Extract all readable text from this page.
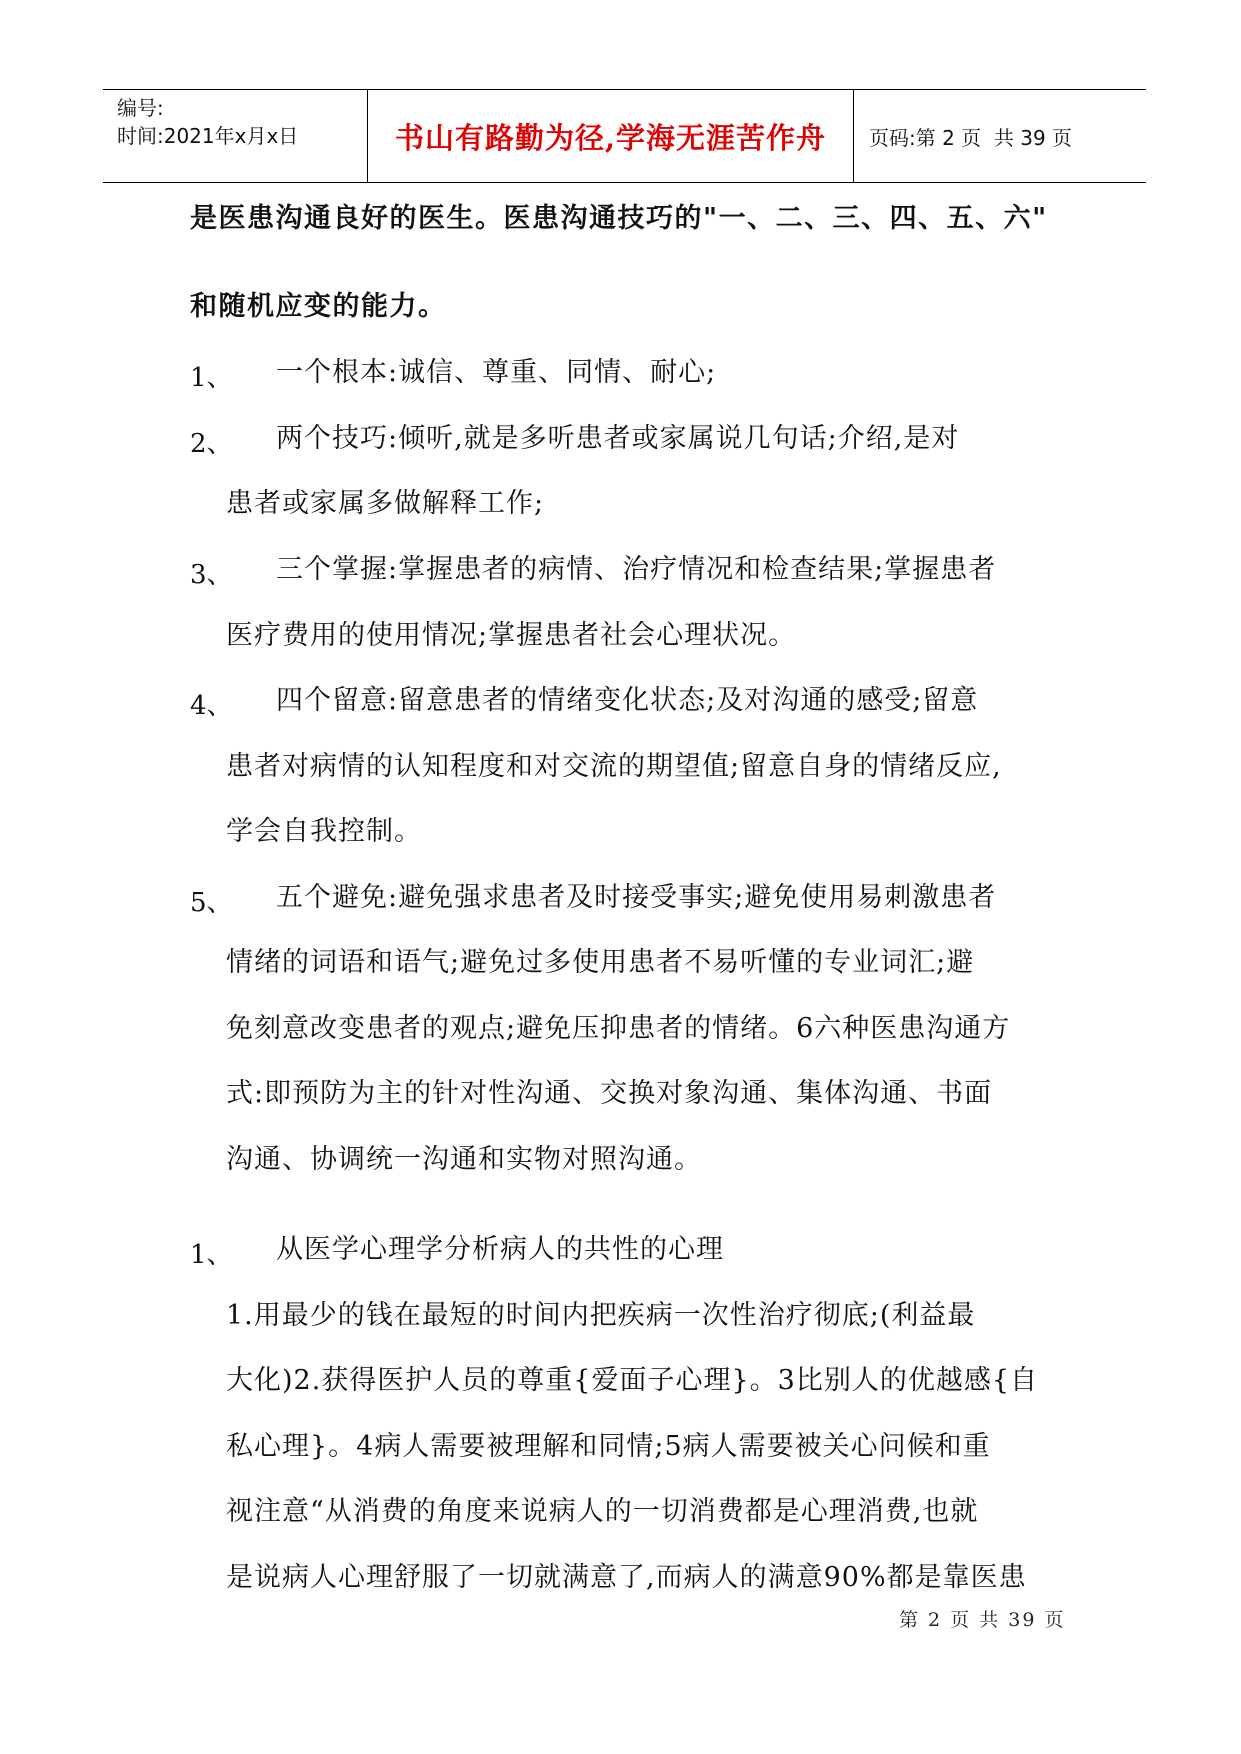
编号:
时间:2021年x月x日	书山有路勤为径,学海无涯苦作舟	页码:第 2 页  共 39 页
是医患沟通良好的医生。医患沟通技巧的"一、二、三、四、五、六"
和随机应变的能力。
1、 一个根本:诚信、尊重、同情、耐心;
2、 两个技巧:倾听,就是多听患者或家属说几句话;介绍,是对
患者或家属多做解释工作;
3、 三个掌握:掌握患者的病情、治疗情况和检查结果;掌握患者
医疗费用的使用情况;掌握患者社会心理状况。
4、 四个留意:留意患者的情绪变化状态;及对沟通的感受;留意
患者对病情的认知程度和对交流的期望值;留意自身的情绪反应,
学会自我控制。
5、 五个避免:避免强求患者及时接受事实;避免使用易刺激患者
情绪的词语和语气;避免过多使用患者不易听懂的专业词汇;避
免刻意改变患者的观点;避免压抑患者的情绪。6六种医患沟通方
式:即预防为主的针对性沟通、交换对象沟通、集体沟通、书面
沟通、协调统一沟通和实物对照沟通。
1、 从医学心理学分析病人的共性的心理
1.用最少的钱在最短的时间内把疾病一次性治疗彻底;(利益最
大化)2.获得医护人员的尊重{爱面子心理}。3比别人的优越感{自
私心理}。4病人需要被理解和同情;5病人需要被关心问候和重
视注意“从消费的角度来说病人的一切消费都是心理消费,也就
是说病人心理舒服了一切就满意了,而病人的满意90%都是靠医患
第 2 页 共 39 页
